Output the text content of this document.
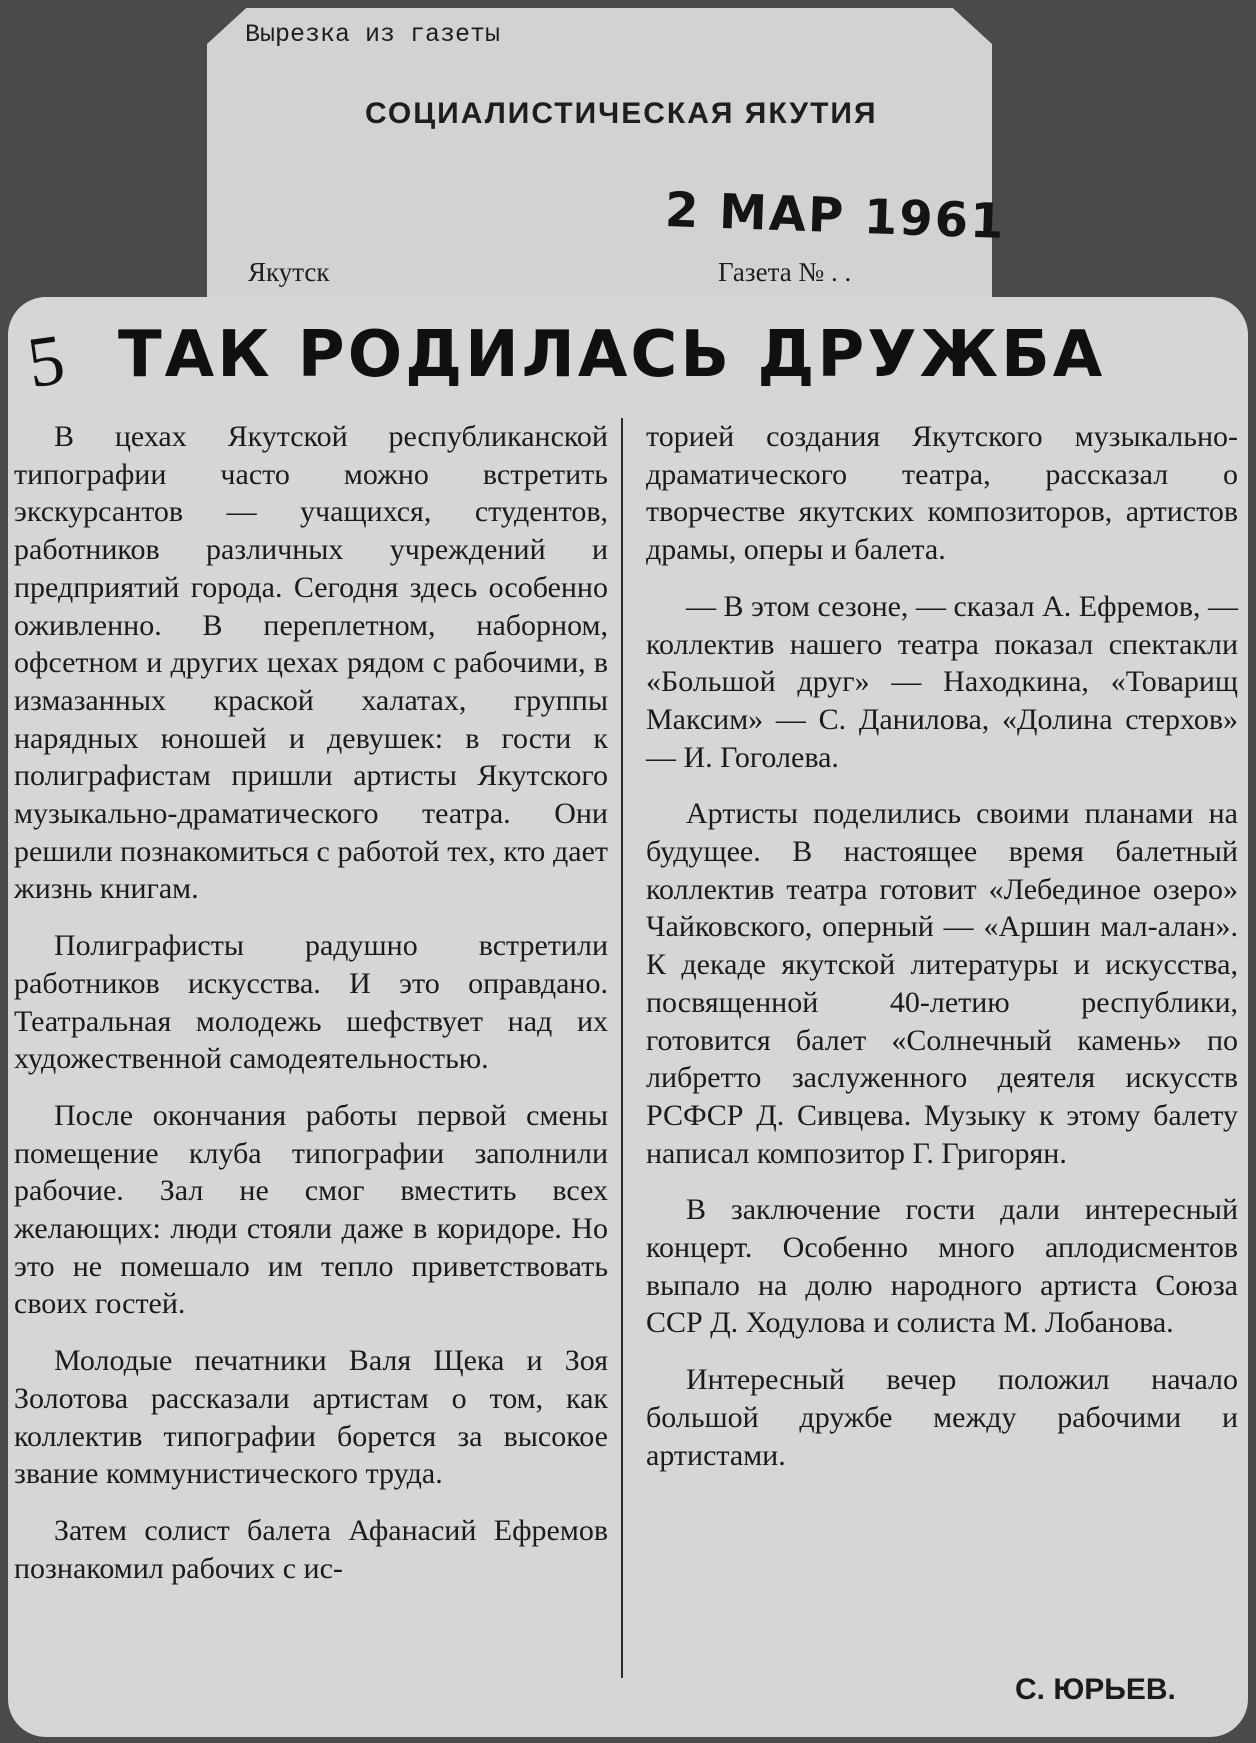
Вырезка из газеты
СОЦИАЛИСТИЧЕСКАЯ ЯКУТИЯ
2 МАР 1961
Якутск	Газета № . .
5 ТАК РОДИЛАСЬ ДРУЖБА

В цехах Якутской республиканской типографии часто можно встретить экскурсантов — учащихся, студентов, работников различных учреждений и предприятий города. Сегодня здесь особенно оживленно. В переплетном, наборном, офсетном и других цехах рядом с рабочими, в измазанных краской халатах, группы нарядных юношей и девушек: в гости к полиграфистам пришли артисты Якутского музыкально-драматического театра. Они решили познакомиться с работой тех, кто дает жизнь книгам.

Полиграфисты радушно встретили работников искусства. И это оправдано. Театральная молодежь шефствует над их художественной самодеятельностью.

После окончания работы первой смены помещение клуба типографии заполнили рабочие. Зал не смог вместить всех желающих: люди стояли даже в коридоре. Но это не помешало им тепло приветствовать своих гостей.

Молодые печатники Валя Щека и Зоя Золотова рассказали артистам о том, как коллектив типографии борется за высокое звание коммунистического труда.

Затем солист балета Афанасий Ефремов познакомил рабочих с ис-

торией создания Якутского музыкально-драматического театра, рассказал о творчестве якутских композиторов, артистов драмы, оперы и балета.

— В этом сезоне, — сказал А. Ефремов, — коллектив нашего театра показал спектакли «Большой друг» — Находкина, «Товарищ Максим» — С. Данилова, «Долина стерхов» — И. Гоголева.

Артисты поделились своими планами на будущее. В настоящее время балетный коллектив театра готовит «Лебединое озеро» Чайковского, оперный — «Аршин мал-алан». К декаде якутской литературы и искусства, посвященной 40-летию республики, готовится балет «Солнечный камень» по либретто заслуженного деятеля искусств РСФСР Д. Сивцева. Музыку к этому балету написал композитор Г. Григорян.

В заключение гости дали интересный концерт. Особенно много аплодисментов выпало на долю народного артиста Союза ССР Д. Ходулова и солиста М. Лобанова.

Интересный вечер положил начало большой дружбе между рабочими и артистами.

С. ЮРЬЕВ.
